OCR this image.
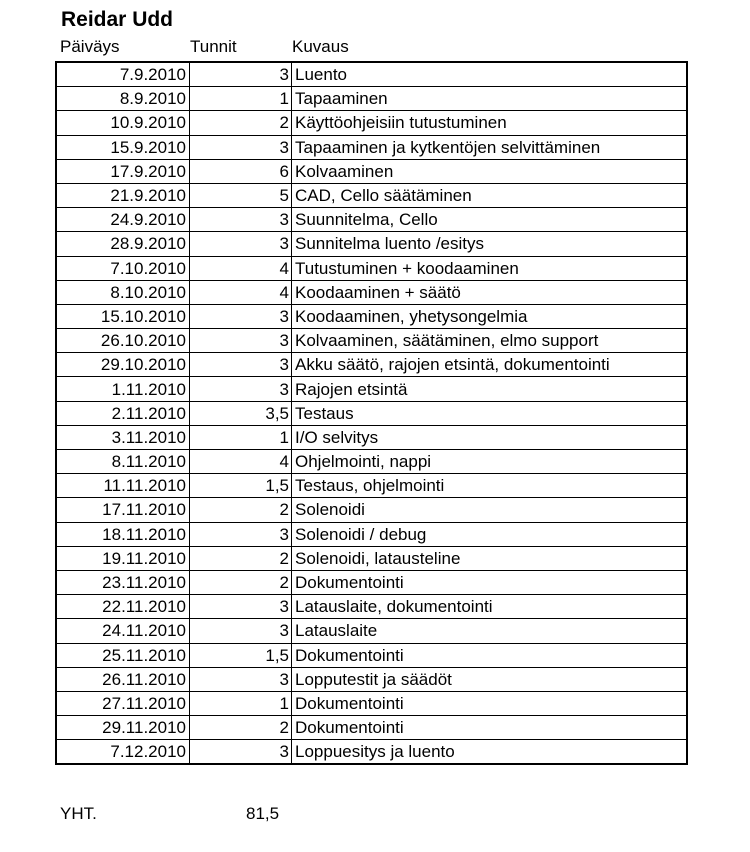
Reidar Udd
Päiväys	Tunnit	Kuvaus
7.9.2010	3	Luento
8.9.2010	1	Tapaaminen
10.9.2010	2	Käyttöohjeisiin tutustuminen
15.9.2010	3	Tapaaminen ja kytkentöjen selvittäminen
17.9.2010	6	Kolvaaminen
21.9.2010	5	CAD, Cello säätäminen
24.9.2010	3	Suunnitelma, Cello
28.9.2010	3	Sunnitelma luento /esitys
7.10.2010	4	Tutustuminen + koodaaminen
8.10.2010	4	Koodaaminen + säätö
15.10.2010	3	Koodaaminen, yhetysongelmia
26.10.2010	3	Kolvaaminen, säätäminen, elmo support
29.10.2010	3	Akku säätö, rajojen etsintä, dokumentointi
1.11.2010	3	Rajojen etsintä
2.11.2010	3,5	Testaus
3.11.2010	1	I/O selvitys
8.11.2010	4	Ohjelmointi, nappi
11.11.2010	1,5	Testaus, ohjelmointi
17.11.2010	2	Solenoidi
18.11.2010	3	Solenoidi / debug
19.11.2010	2	Solenoidi, latausteline
23.11.2010	2	Dokumentointi
22.11.2010	3	Latauslaite, dokumentointi
24.11.2010	3	Latauslaite
25.11.2010	1,5	Dokumentointi
26.11.2010	3	Lopputestit ja säädöt
27.11.2010	1	Dokumentointi
29.11.2010	2	Dokumentointi
7.12.2010	3	Loppuesitys ja luento
YHT.	81,5
